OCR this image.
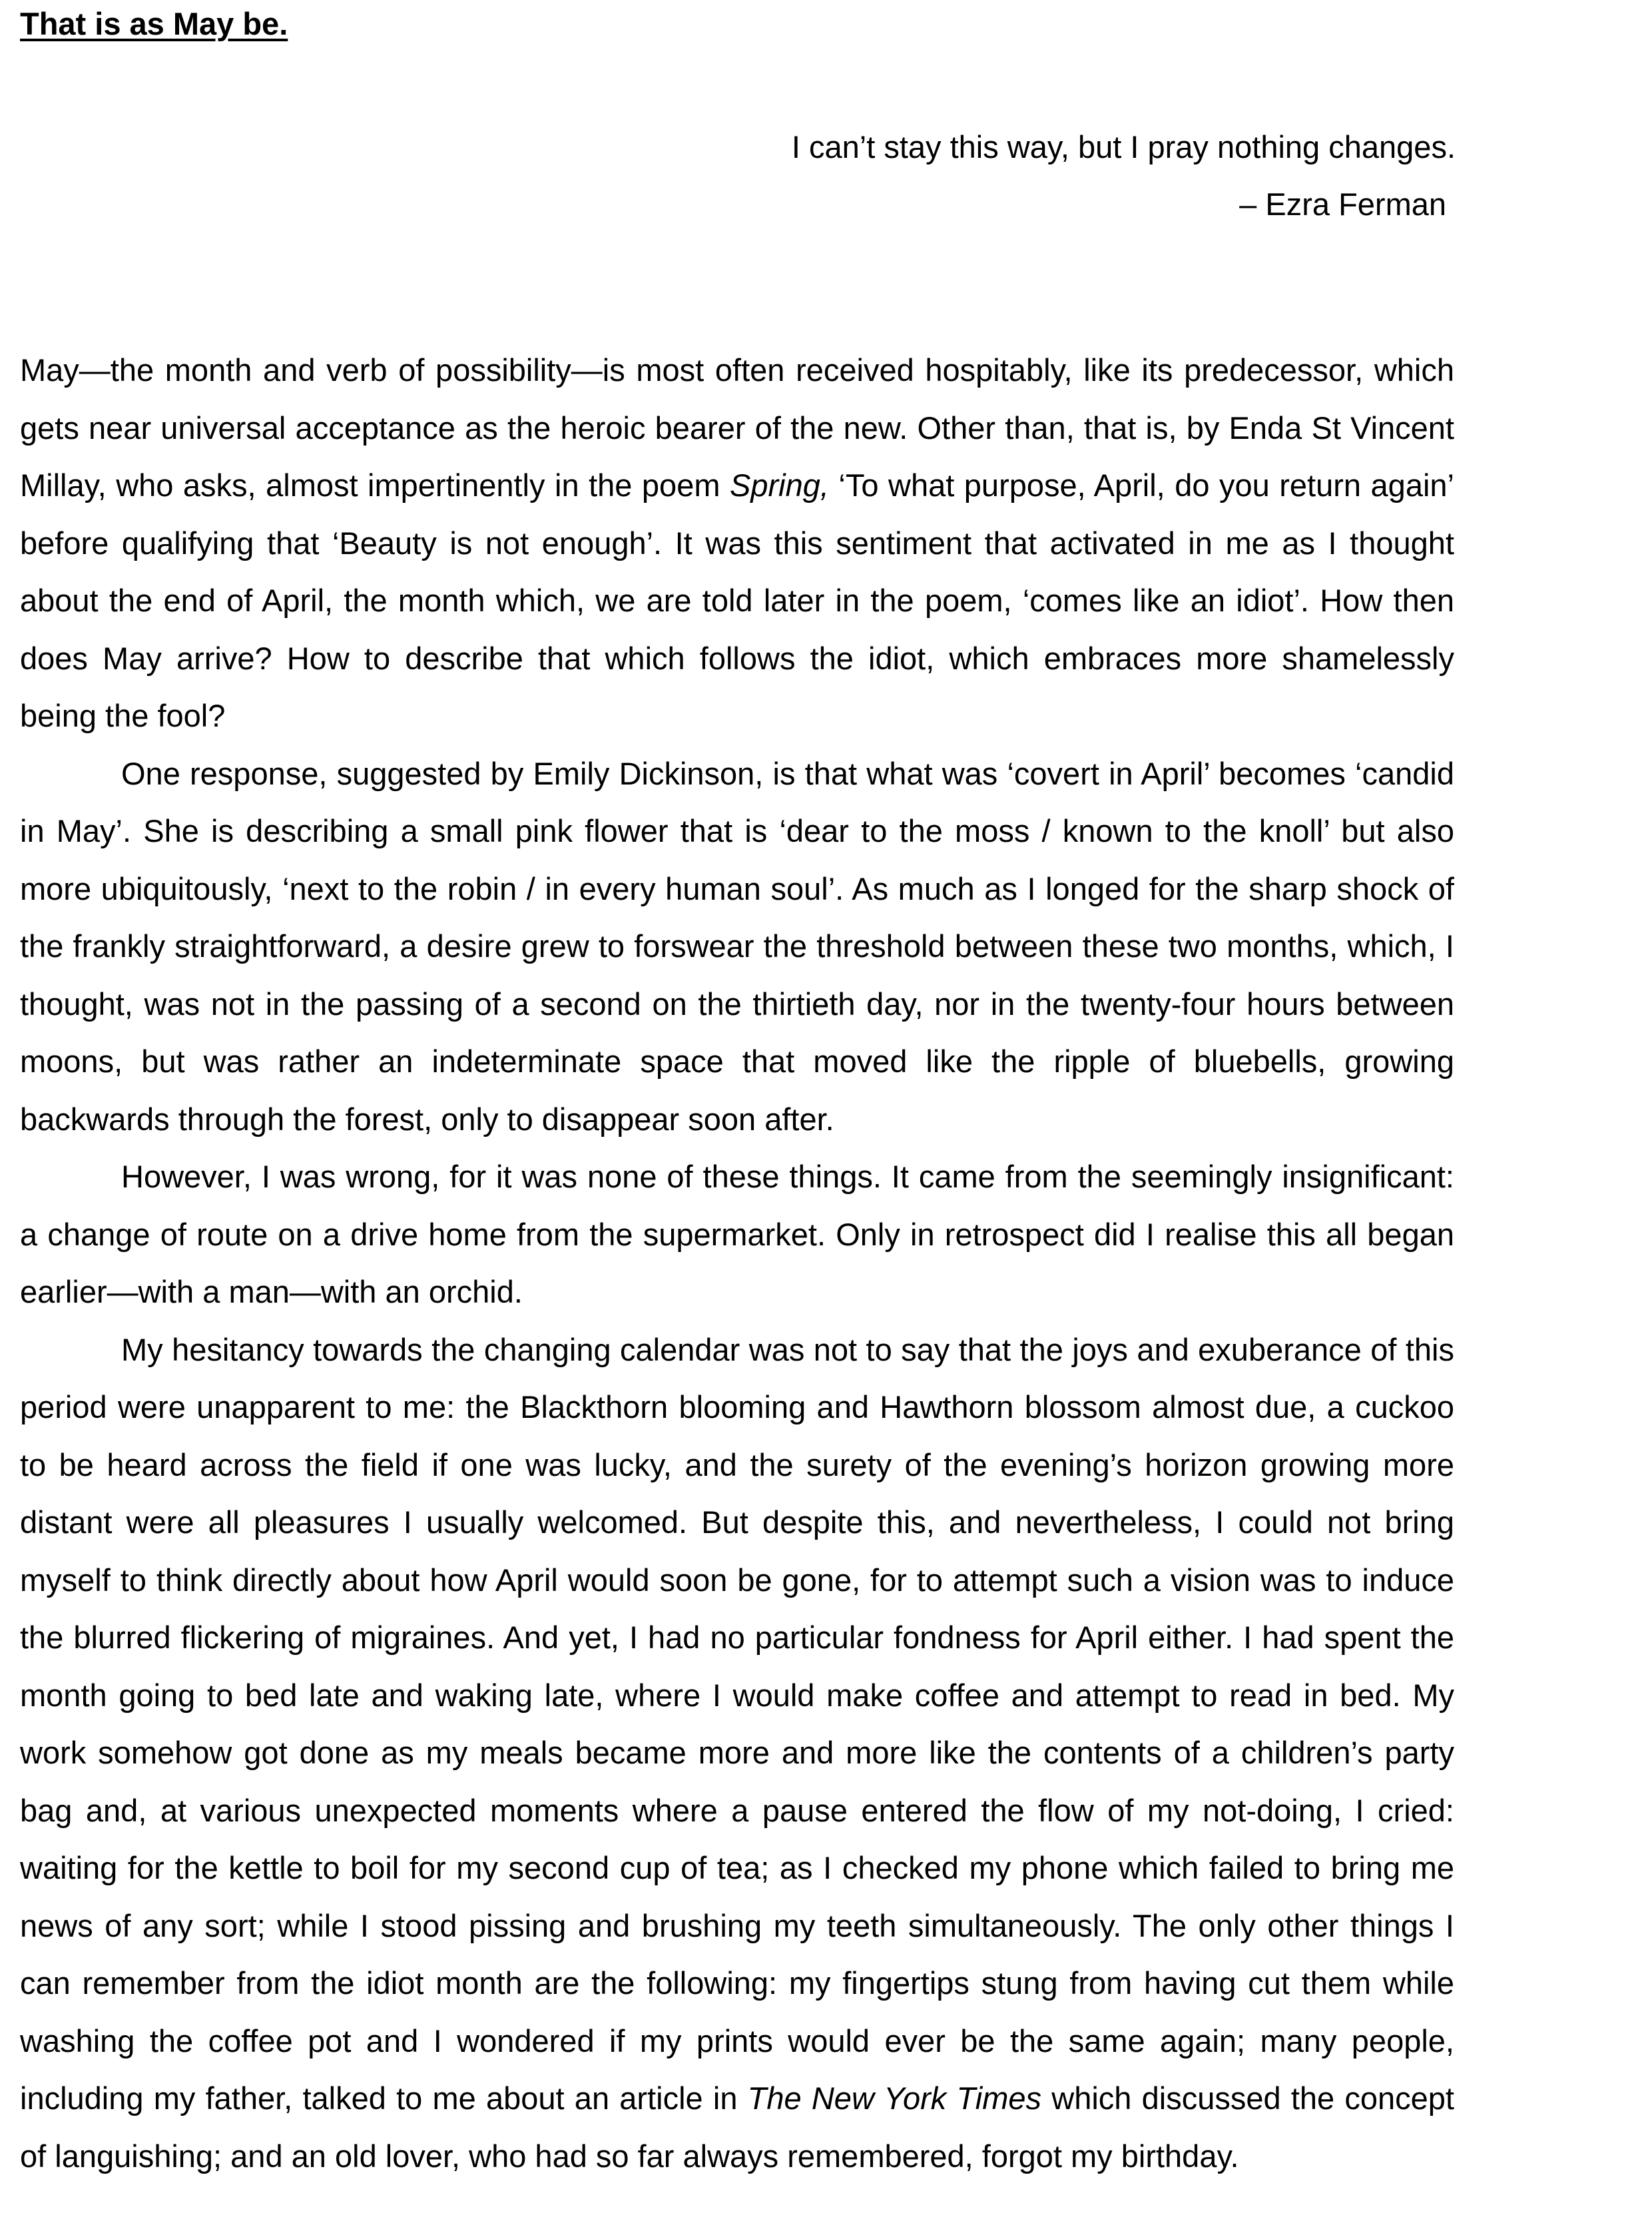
That is as May be.
I can’t stay this way, but I pray nothing changes.
– Ezra Ferman

May—the month and verb of possibility—is most often received hospitably, like its predecessor, which gets near universal acceptance as the heroic bearer of the new. Other than, that is, by Enda St Vincent Millay, who asks, almost impertinently in the poem Spring, ‘To what purpose, April, do you return again’ before qualifying that ‘Beauty is not enough’. It was this sentiment that activated in me as I thought about the end of April, the month which, we are told later in the poem, ‘comes like an idiot’. How then does May arrive? How to describe that which follows the idiot, which embraces more shamelessly being the fool?

One response, suggested by Emily Dickinson, is that what was ‘covert in April’ becomes ‘candid in May’. She is describing a small pink flower that is ‘dear to the moss / known to the knoll’ but also more ubiquitously, ‘next to the robin / in every human soul’. As much as I longed for the sharp shock of the frankly straightforward, a desire grew to forswear the threshold between these two months, which, I thought, was not in the passing of a second on the thirtieth day, nor in the twenty-four hours between moons, but was rather an indeterminate space that moved like the ripple of bluebells, growing backwards through the forest, only to disappear soon after.

However, I was wrong, for it was none of these things. It came from the seemingly insignificant: a change of route on a drive home from the supermarket. Only in retrospect did I realise this all began earlier—with a man—with an orchid.

My hesitancy towards the changing calendar was not to say that the joys and exuberance of this period were unapparent to me: the Blackthorn blooming and Hawthorn blossom almost due, a cuckoo to be heard across the field if one was lucky, and the surety of the evening’s horizon growing more distant were all pleasures I usually welcomed. But despite this, and nevertheless, I could not bring myself to think directly about how April would soon be gone, for to attempt such a vision was to induce the blurred flickering of migraines. And yet, I had no particular fondness for April either. I had spent the month going to bed late and waking late, where I would make coffee and attempt to read in bed. My work somehow got done as my meals became more and more like the contents of a children’s party bag and, at various unexpected moments where a pause entered the flow of my not-doing, I cried: waiting for the kettle to boil for my second cup of tea; as I checked my phone which failed to bring me news of any sort; while I stood pissing and brushing my teeth simultaneously. The only other things I can remember from the idiot month are the following: my fingertips stung from having cut them while washing the coffee pot and I wondered if my prints would ever be the same again; many people, including my father, talked to me about an article in The New York Times which discussed the concept of languishing; and an old lover, who had so far always remembered, forgot my birthday.
